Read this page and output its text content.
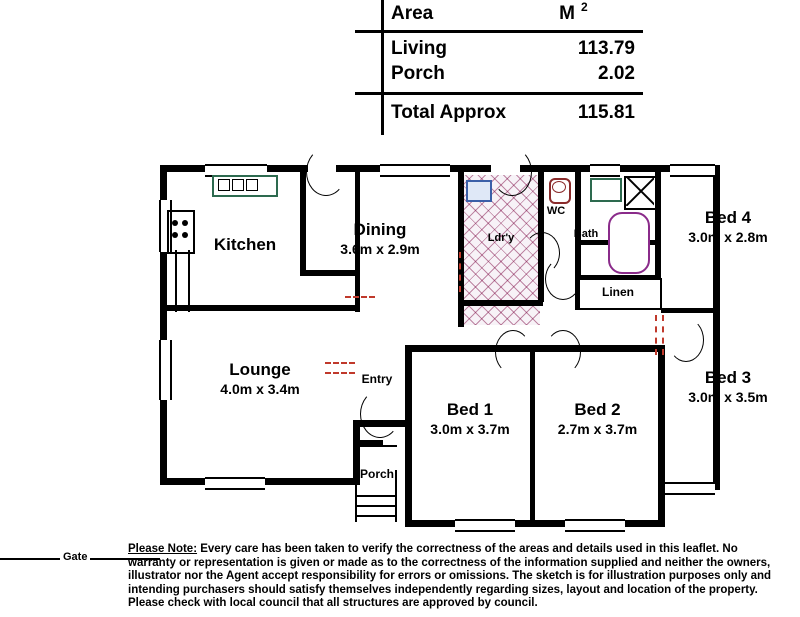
Area	M 2
Living	113.79
Porch	2.02
Total Approx	115.81
Gate
Kitchen
Dining
3.6m x 2.9m
Lounge
4.0m x 3.4m
Bed 1
3.0m x 3.7m
Bed 2
2.7m x 3.7m
Bed 3
3.0m x 3.5m
Bed 4
3.0m x 2.8m
Ldr'y
WC
Bath
Linen
Entry
Porch
Please Note: Every care has been taken to verify the correctness of the areas and details used in this leaflet. No warranty or representation is given or made as to the correctness of the information supplied and neither the owners, illustrator nor the Agent accept responsibility for errors or omissions. The sketch is for illustration purposes only and intending purchasers should satisfy themselves independently regarding sizes, layout and location of the property. Please check with local council that all structures are approved by council.
